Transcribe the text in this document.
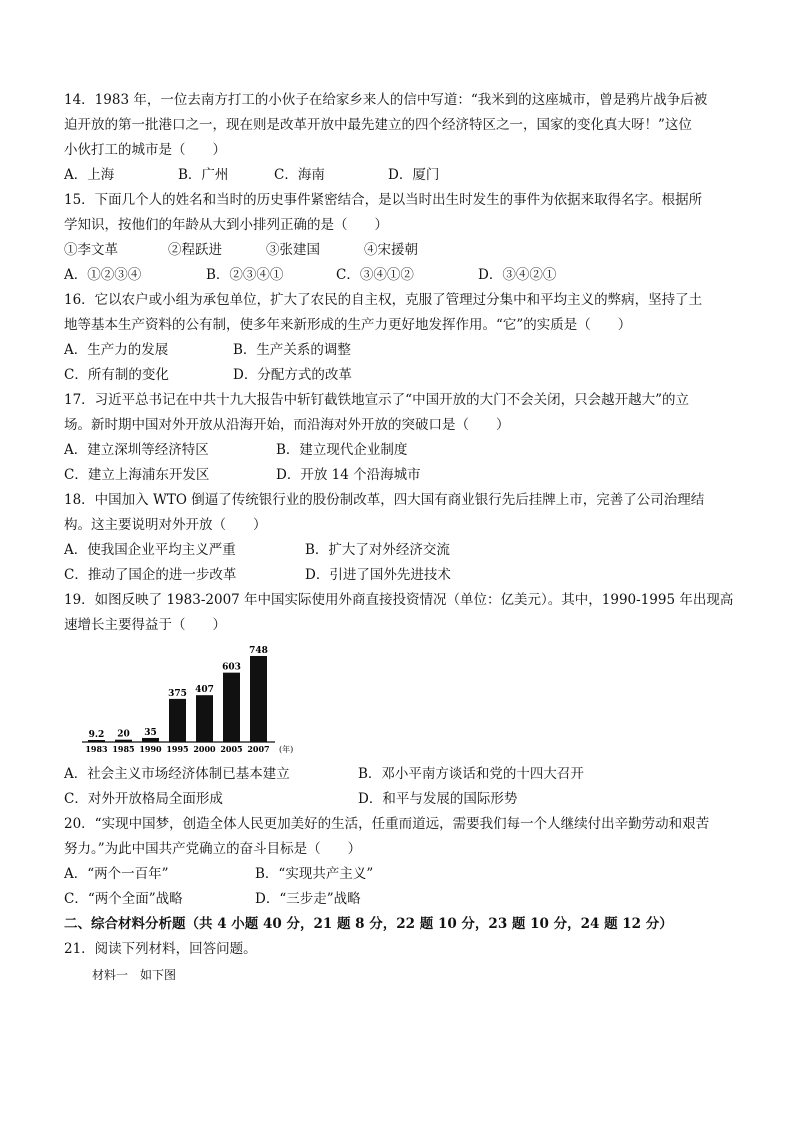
14．1983 年，一位去南方打工的小伙子在给家乡来人的信中写道：“我米到的这座城市，曾是鸦片战争后被
迫开放的第一批港口之一，现在则是改革开放中最先建立的四个经济特区之一，国家的变化真大呀！”这位
小伙打工的城市是（　　）
A．上海	B．广州	C．海南	D．厦门
15．下面几个人的姓名和当时的历史事件紧密结合，是以当时出生时发生的事件为依据来取得名字。根据所
学知识，按他们的年龄从大到小排列正确的是（　　）
①李文革	②程跃进	③张建国	④宋援朝
A．①②③④	B．②③④①	C．③④①②	D．③④②①
16．它以农户或小组为承包单位，扩大了农民的自主权，克服了管理过分集中和平均主义的弊病，坚持了土
地等基本生产资料的公有制，使多年来新形成的生产力更好地发挥作用。“它”的实质是（　　）
A．生产力的发展	B．生产关系的调整
C．所有制的变化	D．分配方式的改革
17．习近平总书记在中共十九大报告中斩钉截铁地宣示了“中国开放的大门不会关闭，只会越开越大”的立
场。新时期中国对外开放从沿海开始，而沿海对外开放的突破口是（　　）
A．建立深圳等经济特区	B．建立现代企业制度
C．建立上海浦东开发区	D．开放 14 个沿海城市
18．中国加入 WTO 倒逼了传统银行业的股份制改革，四大国有商业银行先后挂牌上市，完善了公司治理结
构。这主要说明对外开放（　　）
A．使我国企业平均主义严重	B．扩大了对外经济交流
C．推动了国企的进一步改革	D．引进了国外先进技术
19．如图反映了 1983-2007 年中国实际使用外商直接投资情况（单位：亿美元）。其中，1990-1995 年出现高
速增长主要得益于（　　）
9.2
1983
20
1985
35
1990
375
1995
407
2000
603
2005
748
2007 (年)
A．社会主义市场经济体制已基本建立	B．邓小平南方谈话和党的十四大召开
C．对外开放格局全面形成	D．和平与发展的国际形势
20．“实现中国梦，创造全体人民更加美好的生活，任重而道远，需要我们每一个人继续付出辛勤劳动和艰苦
努力。”为此中国共产党确立的奋斗目标是（　　）
A．“两个一百年”	B．“实现共产主义”
C．“两个全面”战略	D．“三步走”战略
二、综合材料分析题（共 4 小题 40 分，21 题 8 分，22 题 10 分，23 题 10 分，24 题 12 分）
21．阅读下列材料，回答问题。
材料一　如下图
